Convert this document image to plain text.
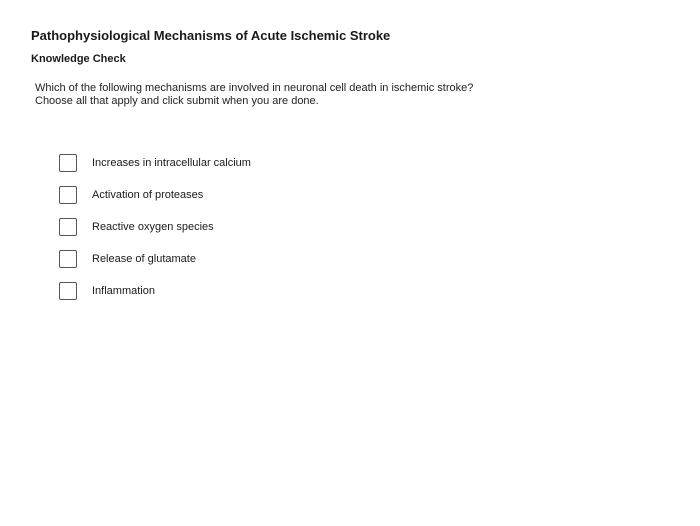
Pathophysiological Mechanisms of Acute Ischemic Stroke
Knowledge Check
Which of the following mechanisms are involved in neuronal cell death in ischemic stroke? Choose all that apply and click submit when you are done.
Increases in intracellular calcium
Activation of proteases
Reactive oxygen species
Release of glutamate
Inflammation
